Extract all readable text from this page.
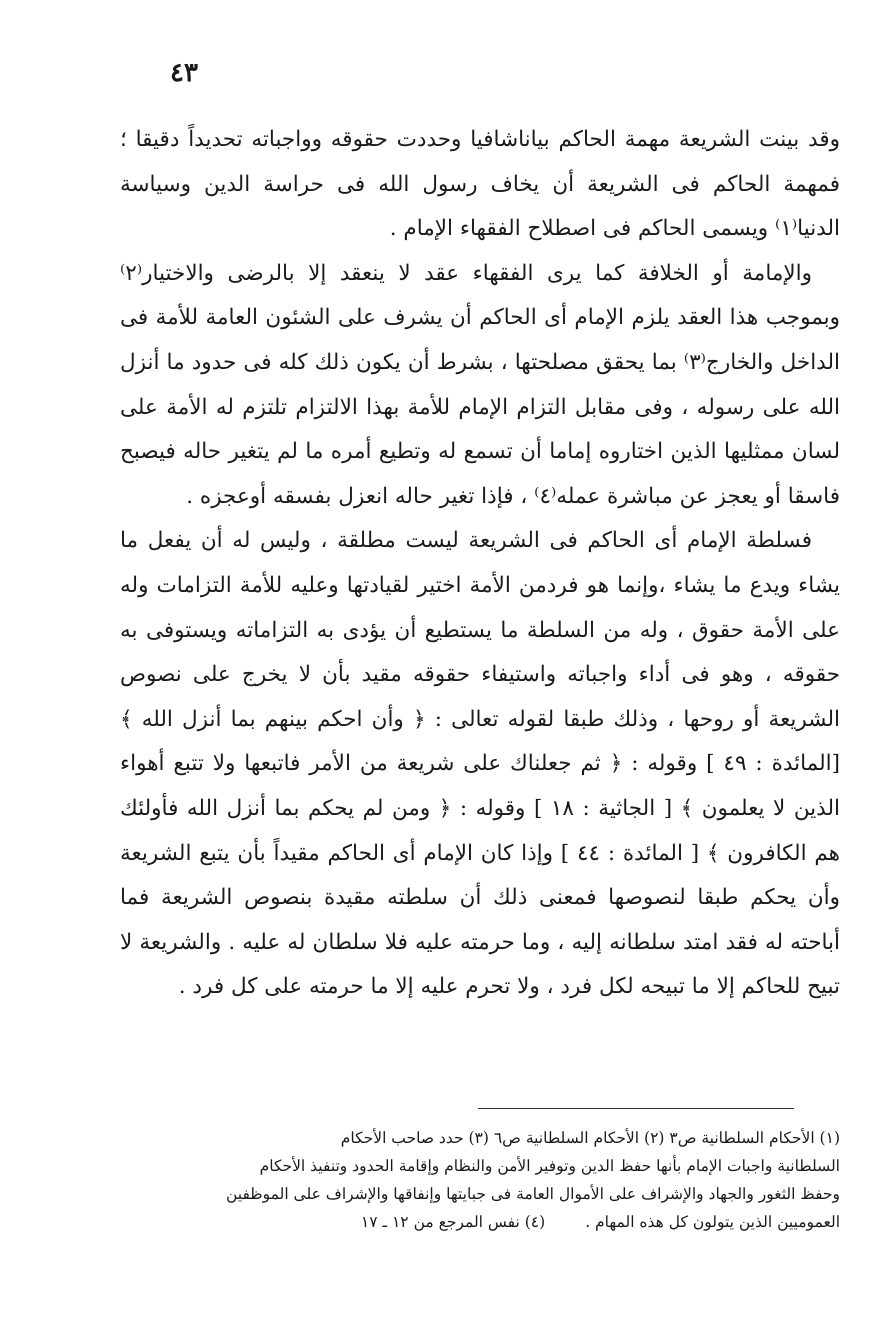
٤٣

وقد بينت الشريعة مهمة الحاكم بياناشافيا وحددت حقوقه وواجباته تحديداً دقيقا ؛ فمهمة الحاكم فى الشريعة أن يخاف رسول الله فى حراسة الدين وسياسة الدنيا⁽١⁾ ويسمى الحاكم فى اصطلاح الفقهاء الإمام .

والإمامة أو الخلافة كما يرى الفقهاء عقد لا ينعقد إلا بالرضى والاختيار⁽٢⁾ وبموجب هذا العقد يلزم الإمام أى الحاكم أن يشرف على الشئون العامة للأمة فى الداخل والخارج⁽٣⁾ بما يحقق مصلحتها ، بشرط أن يكون ذلك كله فى حدود ما أنزل الله على رسوله ، وفى مقابل التزام الإمام للأمة بهذا الالتزام تلتزم له الأمة على لسان ممثليها الذين اختاروه إماما أن تسمع له وتطيع أمره ما لم يتغير حاله فيصبح فاسقا أو يعجز عن مباشرة عمله⁽٤⁾ ، فإذا تغير حاله انعزل بفسقه أوعجزه .

فسلطة الإمام أى الحاكم فى الشريعة ليست مطلقة ، وليس له أن يفعل ما يشاء ويدع ما يشاء ،وإنما هو فردمن الأمة اختير لقيادتها وعليه للأمة التزامات وله على الأمة حقوق ، وله من السلطة ما يستطيع أن يؤدى به التزاماته ويستوفى به حقوقه ، وهو فى أداء واجباته واستيفاء حقوقه مقيد بأن لا يخرج على نصوص الشريعة أو روحها ، وذلك طبقا لقوله تعالى : ﴿ وأن احكم بينهم بما أنزل الله ﴾ [المائدة : ٤٩ ] وقوله : ﴿ ثم جعلناك على شريعة من الأمر فاتبعها ولا تتبع أهواء الذين لا يعلمون ﴾ [ الجاثية : ١٨ ] وقوله : ﴿ ومن لم يحكم بما أنزل الله فأولئك هم الكافرون ﴾ [ المائدة : ٤٤ ] وإذا كان الإمام أى الحاكم مقيداً بأن يتبع الشريعة وأن يحكم طبقا لنصوصها فمعنى ذلك أن سلطته مقيدة بنصوص الشريعة فما أباحته له فقد امتد سلطانه إليه ، وما حرمته عليه فلا سلطان له عليه . والشريعة لا تبيح للحاكم إلا ما تبيحه لكل فرد ، ولا تحرم عليه إلا ما حرمته على كل فرد .

(١) الأحكام السلطانية ص٣ (٢) الأحكام السلطانية ص٦ (٣) حدد صاحب الأحكام

السلطانية واجبات الإمام بأنها حفظ الدين وتوفير الأمن والنظام وإقامة الحدود وتنفيذ الأحكام

وحفظ الثغور والجهاد والإشراف على الأموال العامة فى جبايتها وإنفاقها والإشراف على الموظفين

العموميين الذين يتولون كل هذه المهام .
(٤) نفس المرجع من ١٢ ـ ١٧
